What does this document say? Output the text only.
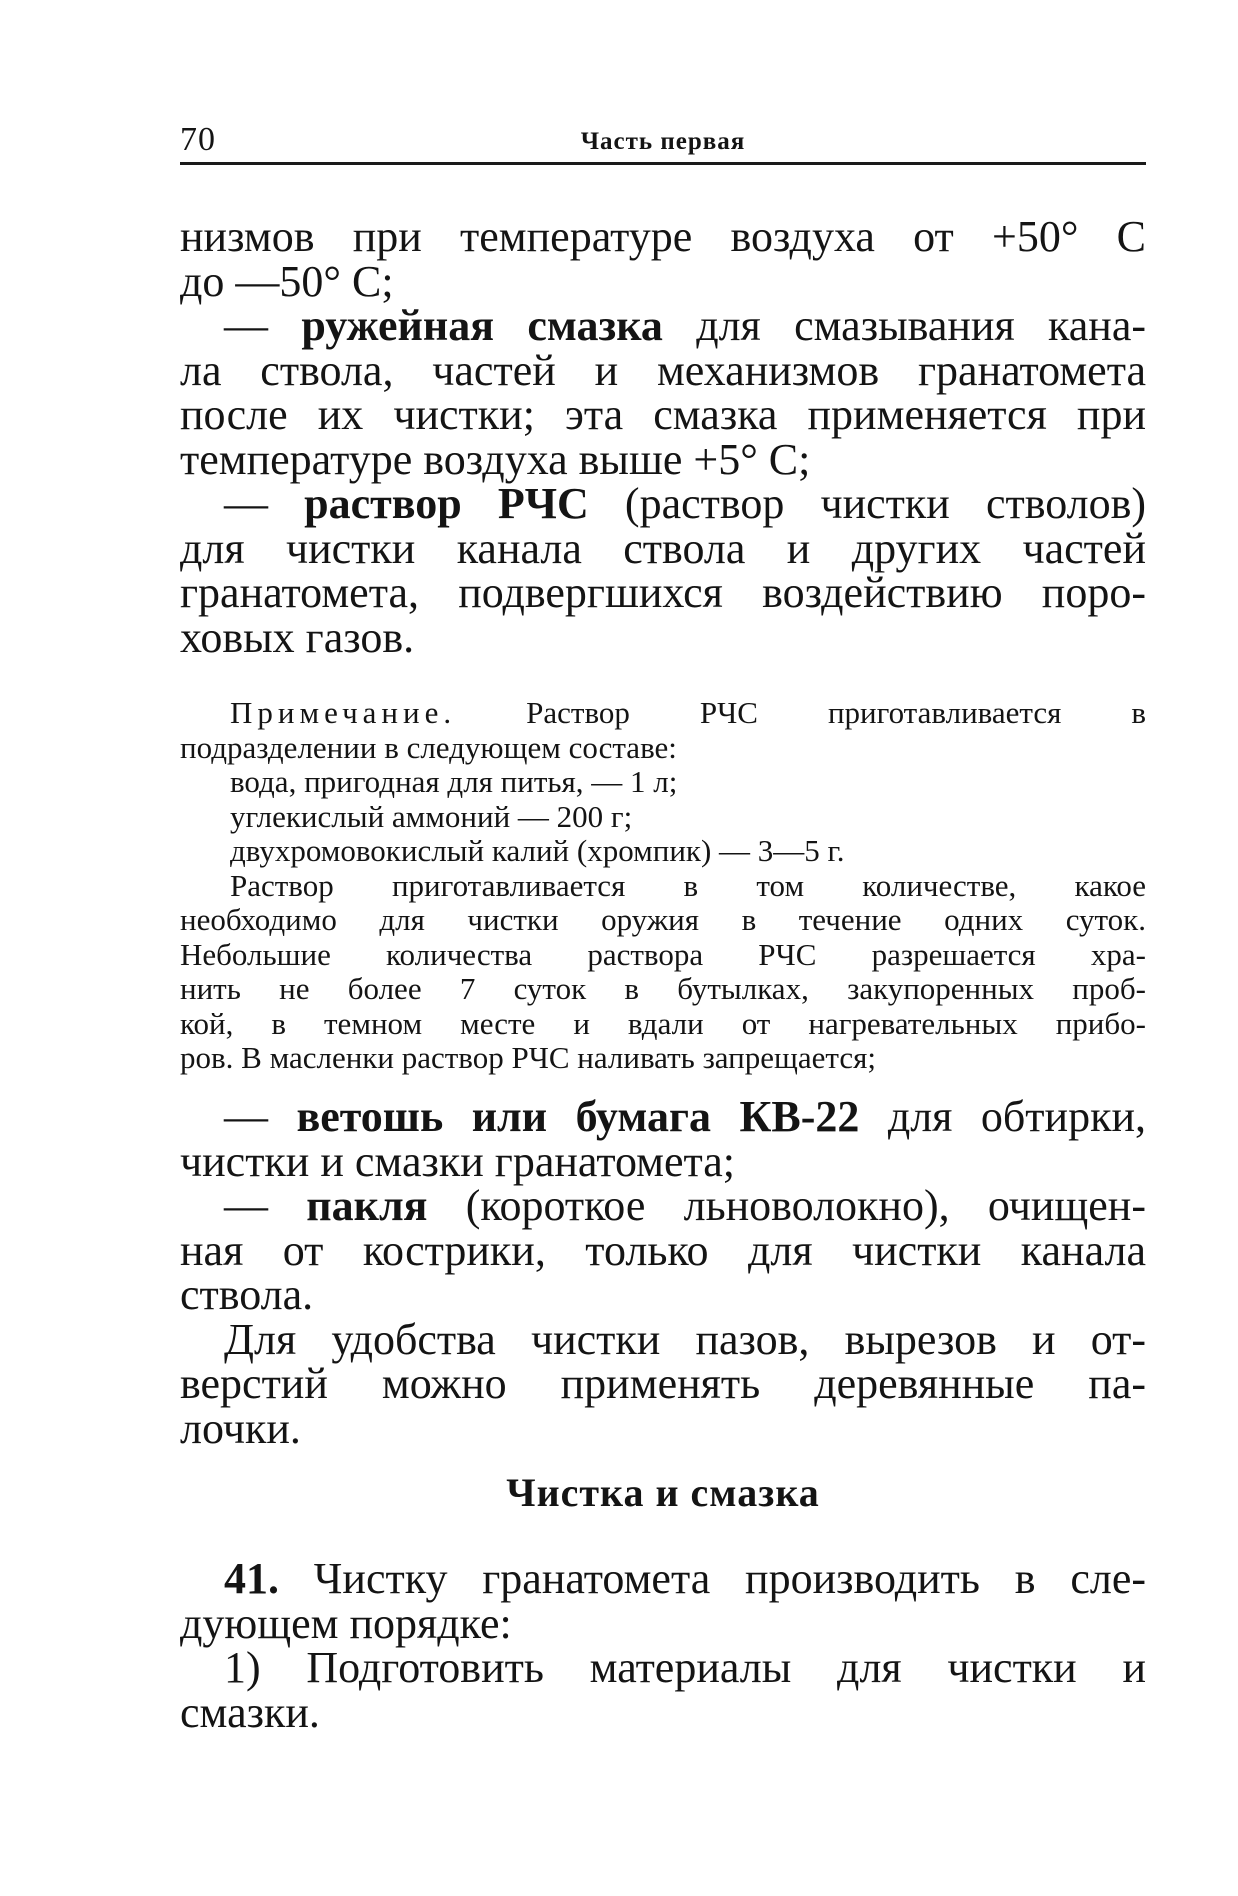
70	Часть первая

низмов при температуре воздуха от +50° С

до —50° С;

— ружейная смазка для смазывания кана-

ла ствола, частей и механизмов гранатомета

после их чистки; эта смазка применяется при

температуре воздуха выше +5° С;

— раствор РЧС (раствор чистки стволов)

для чистки канала ствола и других частей

гранатомета, подвергшихся воздействию поро-

ховых газов.

Примечание. Раствор РЧС приготавливается в

подразделении в следующем составе:

вода, пригодная для питья, — 1 л;

углекислый аммоний — 200 г;

двухромовокислый калий (хромпик) — 3—5 г.

Раствор приготавливается в том количестве, какое

необходимо для чистки оружия в течение одних суток.

Небольшие количества раствора РЧС разрешается хра-

нить не более 7 суток в бутылках, закупоренных проб-

кой, в темном месте и вдали от нагревательных прибо-

ров. В масленки раствор РЧС наливать запрещается;

— ветошь или бумага КВ-22 для обтирки,

чистки и смазки гранатомета;

— пакля (короткое льноволокно), очищен-

ная от кострики, только для чистки канала

ствола.

Для удобства чистки пазов, вырезов и от-

верстий можно применять деревянные па-

лочки.

Чистка и смазка

41. Чистку гранатомета производить в сле-

дующем порядке:

1) Подготовить материалы для чистки и

смазки.
